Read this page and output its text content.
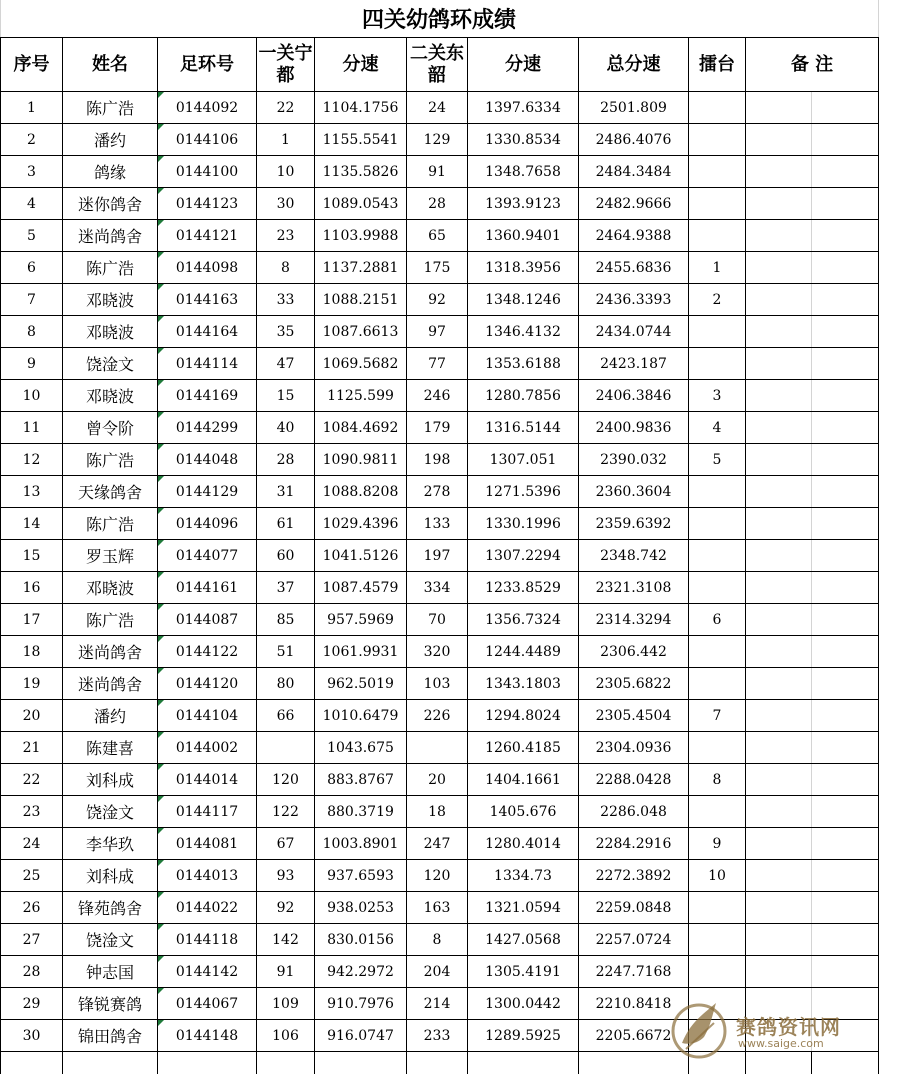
四关幼鸽环成绩
序号	姓名	足环号	一关宁都	分速	二关东韶	分速	总分速	擂台	备 注	
1	陈广浩	0144092	22	1104.1756	24	1397.6334	2501.809			
2	潘约	0144106	1	1155.5541	129	1330.8534	2486.4076			
3	鸽缘	0144100	10	1135.5826	91	1348.7658	2484.3484			
4	迷你鸽舍	0144123	30	1089.0543	28	1393.9123	2482.9666			
5	迷尚鸽舍	0144121	23	1103.9988	65	1360.9401	2464.9388			
6	陈广浩	0144098	8	1137.2881	175	1318.3956	2455.6836	1		
7	邓晓波	0144163	33	1088.2151	92	1348.1246	2436.3393	2		
8	邓晓波	0144164	35	1087.6613	97	1346.4132	2434.0744			
9	饶淦文	0144114	47	1069.5682	77	1353.6188	2423.187			
10	邓晓波	0144169	15	1125.599	246	1280.7856	2406.3846	3		
11	曾令阶	0144299	40	1084.4692	179	1316.5144	2400.9836	4		
12	陈广浩	0144048	28	1090.9811	198	1307.051	2390.032	5		
13	天缘鸽舍	0144129	31	1088.8208	278	1271.5396	2360.3604			
14	陈广浩	0144096	61	1029.4396	133	1330.1996	2359.6392			
15	罗玉辉	0144077	60	1041.5126	197	1307.2294	2348.742			
16	邓晓波	0144161	37	1087.4579	334	1233.8529	2321.3108			
17	陈广浩	0144087	85	957.5969	70	1356.7324	2314.3294	6		
18	迷尚鸽舍	0144122	51	1061.9931	320	1244.4489	2306.442			
19	迷尚鸽舍	0144120	80	962.5019	103	1343.1803	2305.6822			
20	潘约	0144104	66	1010.6479	226	1294.8024	2305.4504	7		
21	陈建喜	0144002		1043.675		1260.4185	2304.0936			
22	刘科成	0144014	120	883.8767	20	1404.1661	2288.0428	8		
23	饶淦文	0144117	122	880.3719	18	1405.676	2286.048			
24	李华玖	0144081	67	1003.8901	247	1280.4014	2284.2916	9		
25	刘科成	0144013	93	937.6593	120	1334.73	2272.3892	10		
26	锋苑鸽舍	0144022	92	938.0253	163	1321.0594	2259.0848			
27	饶淦文	0144118	142	830.0156	8	1427.0568	2257.0724			
28	钟志国	0144142	91	942.2972	204	1305.4191	2247.7168			
29	锋锐赛鸽	0144067	109	910.7976	214	1300.0442	2210.8418			
30	锦田鸽舍	0144148	106	916.0747	233	1289.5925	2205.6672			
											赛鸽资讯网
www.saige.com
